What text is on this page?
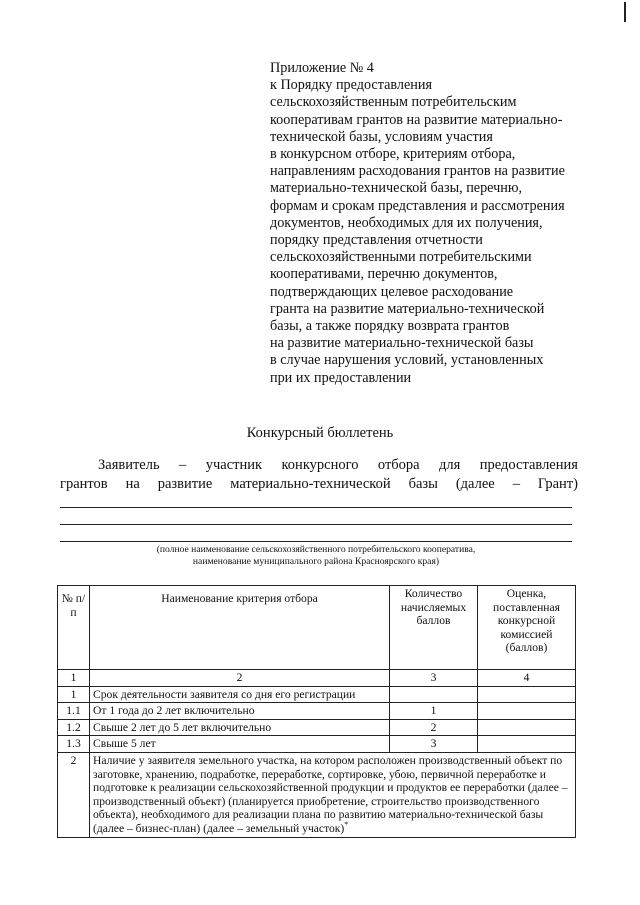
Приложение № 4
к Порядку предоставления
сельскохозяйственным потребительским
кооперативам грантов на развитие материально-
технической базы, условиям участия
в конкурсном отборе, критериям отбора,
направлениям расходования грантов на развитие
материально-технической базы, перечню,
формам и срокам представления и рассмотрения
документов, необходимых для их получения,
порядку представления отчетности
сельскохозяйственными потребительскими
кооперативами, перечню документов,
подтверждающих целевое расходование
гранта на развитие материально-технической
базы, а также порядку возврата грантов
на развитие материально-технической базы
в случае нарушения условий, установленных
при их предоставлении
Конкурсный бюллетень
Заявитель – участник конкурсного отбора для предоставления
грантов на развитие материально-технической базы (далее – Грант)
(полное наименование сельскохозяйственного потребительского кооператива,
наименование муниципального района Красноярского края)
№ п/п	Наименование критерия отбора	Количество начисляемых баллов	Оценка, поставленная конкурсной комиссией (баллов)
1	2	3	4
1	Срок деятельности заявителя со дня его регистрации		
1.1	От 1 года до 2 лет включительно	1	
1.2	Свыше 2 лет до 5 лет включительно	2	
1.3	Свыше 5 лет	3	
2	Наличие у заявителя земельного участка, на котором расположен производственный объект по заготовке, хранению, подработке, переработке, сортировке, убою, первичной переработке и подготовке к реализации сельскохозяйственной продукции и продуктов ее переработки (далее – производственный объект) (планируется приобретение, строительство производственного объекта), необходимого для реализации плана по развитию материально-технической базы (далее – бизнес-план) (далее – земельный участок)*
